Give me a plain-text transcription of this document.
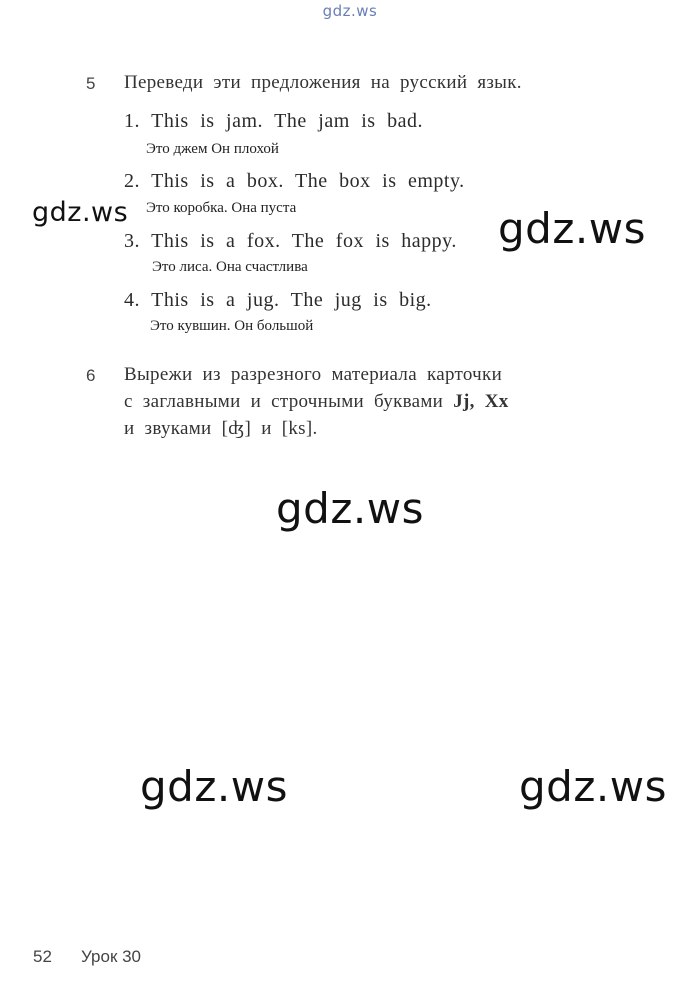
gdz.ws
5 Переведи эти предложения на русский язык.
1. This is jam. The jam is bad.
Это джем Он плохой
2. This is a box. The box is empty.
Это коробка. Она пуста
3. This is a fox. The fox is happy.
Это лиса. Она счастлива
4. This is a jug. The jug is big.
Это кувшин. Он большой
6 Вырежи из разрезного материала карточки
с заглавными и строчными буквами Jj, Xx
и звуками [ʤ] и [ks].
gdz.ws	gdz.ws
gdz.ws
gdz.ws	gdz.ws
52 Урок 30
